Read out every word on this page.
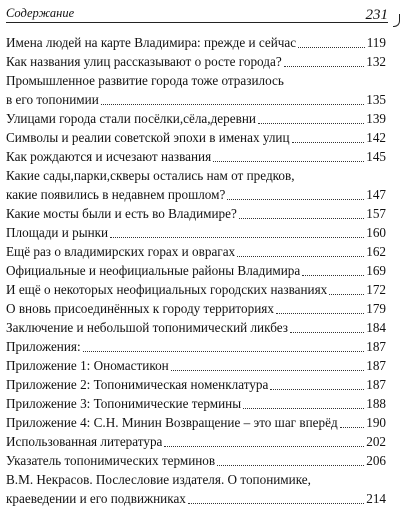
Содержание	231
Имена людей на карте Владимира: прежде и сейчас	119
Как названия улиц рассказывают о росте города?	132
Промышленное развитие города тоже отразилось
в его топонимии	135
Улицами города стали посёлки,сёла,деревни	139
Символы и реалии советской эпохи в именах улиц	142
Как рождаются и исчезают названия	145
Какие сады,парки,скверы остались нам от предков,
какие появились в недавнем прошлом?	147
Какие мосты были и есть во Владимире?	157
Площади и рынки	160
Ещё раз о владимирских горах и оврагах	162
Официальные и неофициальные районы Владимира	169
И ещё о некоторых неофициальных городских названиях	172
О вновь присоединённых к городу территориях	179
Заключение и небольшой топонимический ликбез	184
Приложения:	187
Приложение 1: Ономастикон	187
Приложение 2: Топонимическая номенклатура	187
Приложение 3: Топонимические термины	188
Приложение 4: С.Н. Минин Возвращение – это шаг вперёд 190
Использованная литература	202
Указатель топонимических терминов	206
В.М. Некрасов. Послесловие издателя. О топонимике,
краеведении и его подвижниках	214
